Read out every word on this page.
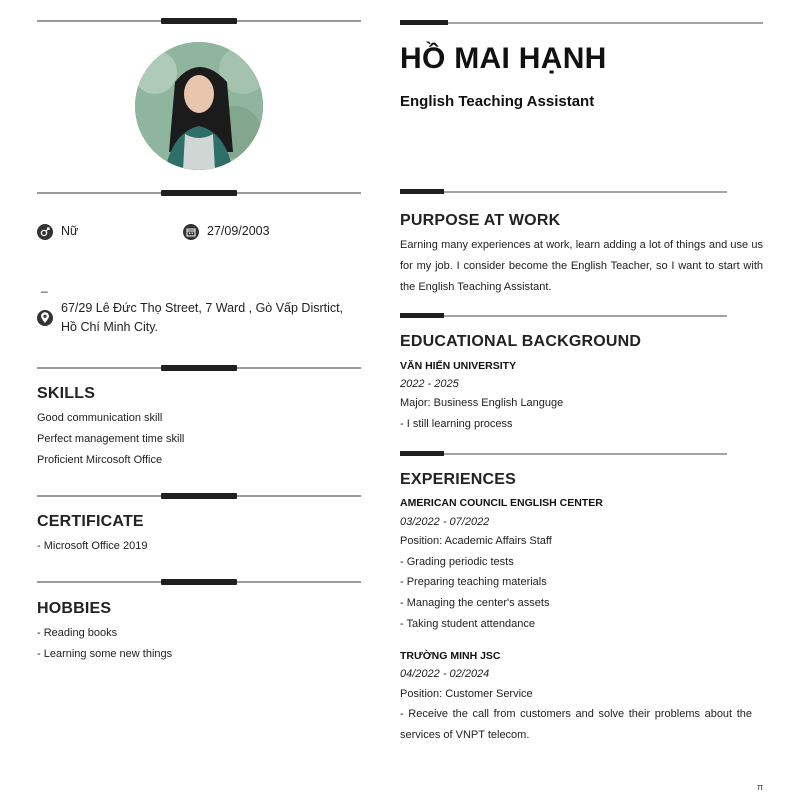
Nữ	27/09/2003
_
67/29 Lê Đức Thọ Street, 7 Ward , Gò Vấp Disrtict,
Hồ Chí Minh City.
SKILLS
Good communication skill
Perfect management time skill
Proficient Mircosoft Office
CERTIFICATE
- Microsoft Office 2019
HOBBIES
- Reading books
- Learning some new things
HỒ MAI HẠNH
English Teaching Assistant
PURPOSE AT WORK
Earning many experiences at work, learn adding a lot of things and use us for my job. I consider become the English Teacher, so I want to start with the English Teaching Assistant.
EDUCATIONAL BACKGROUND
VĂN HIẾN UNIVERSITY
2022 - 2025
Major: Business English Languge
- I still learning process
EXPERIENCES
AMERICAN COUNCIL ENGLISH CENTER
03/2022 - 07/2022
Position: Academic Affairs Staff
- Grading periodic tests
- Preparing teaching materials
- Managing the center's assets
- Taking student attendance
TRƯỜNG MINH JSC
04/2022 - 02/2024
Position: Customer Service
- Receive the call from customers and solve their problems about the services of VNPT telecom.
π
